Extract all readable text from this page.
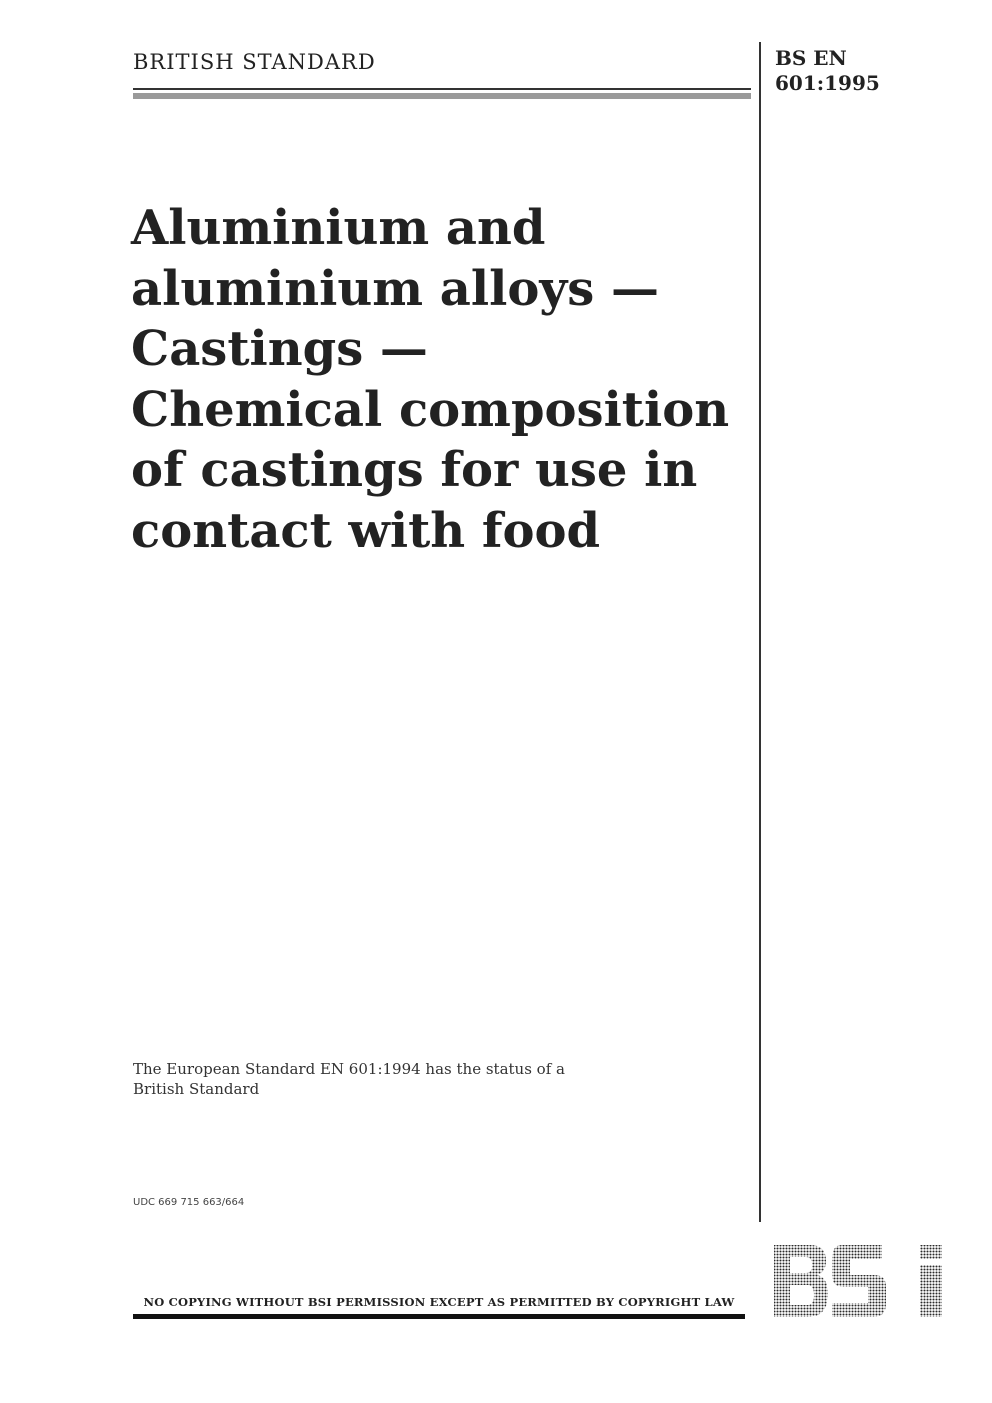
BRITISH STANDARD	BS EN
601:1995
Aluminium and
aluminium alloys —
Castings —
Chemical composition
of castings for use in
contact with food
The European Standard EN 601:1994 has the status of a
British Standard
UDC 669 715 663/664
NO COPYING WITHOUT BSI PERMISSION EXCEPT AS PERMITTED BY COPYRIGHT LAW
BSi
